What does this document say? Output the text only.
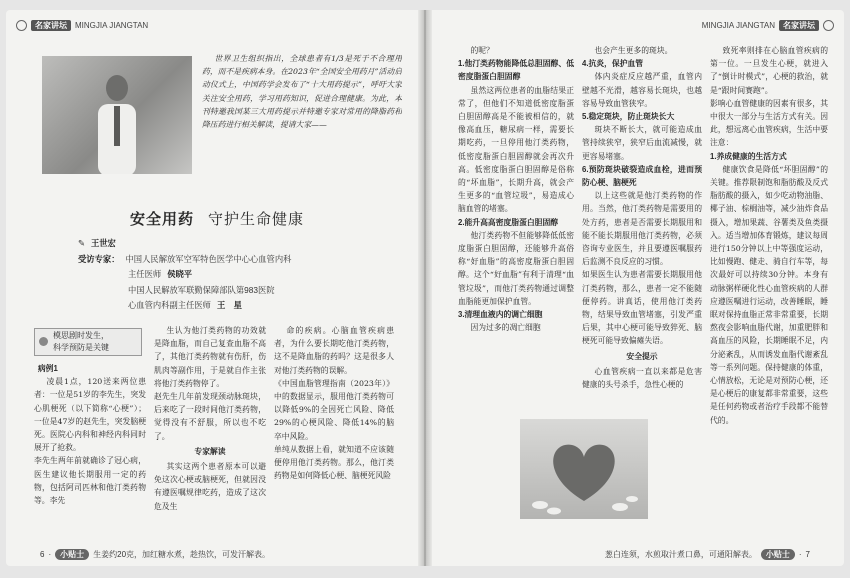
名家讲坛	MINGJIA JIANGTAN

世界卫生组织指出，全球患者有1/3是死于不合理用药，而不是疾病本身。在2023年“全国安全用药月”活动启动仪式上，中国药学会发布了“十大用药提示”，呼吁大家关注安全用药，学习用药知识，促进合理健康。为此，本刊特邀我国某三大用药提示并特邀专家对常用的降脂药和降压药进行相关解读，提请大家——

安全用药 守护生命健康
✎ 王世宏
受访专家： 中国人民解放军空军特色医学中心心血管内科
主任医师 侯晓平
中国人民解放军联勤保障部队第983医院
心血管内科副主任医师 王　星
模思剧时发生，
科学预防是关键

病例1

凌晨1点，120送来两位患者：一位是51岁的李先生，突发心肌梗死（以下简称“心梗”）；一位是47岁的赵先生，突发脑梗死。医院心内科和神经内科同时展开了抢救。
李先生两年前就确诊了冠心病，医生建议他长期服用一定的药物，包括阿司匹林和他汀类药物等。李先

生认为他汀类药物的功效就是降血脂，而自己复查血脂不高了，其他汀类药物就有伤肝，伤肌肉等副作用，于是就自作主张将他汀类药物停了。
赵先生几年前发现颈动脉斑块，后来吃了一段时间他汀类药物，觉得没有不舒服，所以也不吃了。

专家解读

其实这两个患者原本可以避免这次心梗或脑梗死，但就因没有遵医嘱规律吃药，造成了这次危及生

命的疾病。心脑血管疾病患者，为什么要长期吃他汀类药物，这不是降血脂的药吗？这是很多人对他汀类药物的误解。
《中国血脂管理指南（2023年）》中的数据显示，服用他汀类药物可以降低9%的全因死亡风险、降低29%的心梗风险、降低14%的脑卒中风险。
单纯从数据上看，就知道不应该随便停用他汀类药物。那么，他汀类药物是如何降低心梗、脑梗死风险

6 ·	小贴士	生姜约20克，加红糖水煮，趁热饮，可发汗解表。
MINGJIA JIANGTAN	名家讲坛

的呢？

1.他汀类药物能降低总胆固醇、低密度脂蛋白胆固醇

虽然这两位患者的血脂结果正常了，但他们不知道低密度脂蛋白胆固醇高是不能被相信的，就像高血压，糖尿病一样，需要长期吃药，一旦停用他汀类药物，低密度脂蛋白胆固醇就会再次升高。低密度脂蛋白胆固醇是俗称的“坏血脂”，长期升高，就会产生更多的“血管垃圾”，易造成心脑血管的堵塞。

2.能升高高密度脂蛋白胆固醇

他汀类药物不但能够降低低密度脂蛋白胆固醇，还能够升高俗称“好血脂”的高密度脂蛋白胆固醇。这个“好血脂”有利于清理“血管垃圾”，而他汀类药物通过调整血脂能更加保护血管。

3.清理血液内的调亡细胞

因为过多的凋亡细胞

也会产生更多的斑块。

4.抗炎，保护血管

体内炎症反应越严重，血管内壁越不光滑，越容易长斑块，也越容易导致血管狭窄。

5.稳定斑块，防止斑块长大

斑块不断长大，就可能造成血管持续狭窄，狭窄后血流减慢，就更容易堵塞。

6.预防斑块破裂造成血栓，进而预防心梗、脑梗死

以上这些就是他汀类药物的作用。当然，他汀类药物是需要用的处方药，患者是否需要长期服用和能不能长期服用他汀类药物，必须咨询专业医生，并且要遵医嘱服药后监测不良反应的习惯。
如果医生认为患者需要长期服用他汀类药物，那么，患者一定不能随便停药。讲真话，使用他汀类药物，结果导致血管堵塞，引发严重后果，其中心梗可能导致猝死、脑梗死可能导致偏瘫失语。

安全提示

心血管疾病一直以来都是危害健康的头号杀手，急性心梗的

致死率则排在心脑血管疾病的第一位。一旦发生心梗，就进入了“倒计时模式”，心梗的救治，就是“跟时间赛跑”。
影响心血管健康的因素有很多，其中很大一部分与生活方式有关。因此，想远离心血管疾病，生活中要注意：

1.养成健康的生活方式

健康饮食是降低“坏胆固醇”的关键。推荐限制饱和脂肪酸及反式脂肪酸的摄入，如少吃动物油脂、椰子油、棕榈油等，减少油炸食品摄入，增加果蔬、谷薯类及鱼类摄入。适当增加体育锻炼，建议每周进行150分钟以上中等强度运动，比如慢跑、健走、骑自行车等，每次最好可以持续30分钟。本身有动脉粥样硬化性心血管疾病的人群应遵医嘱进行运动，改善睡眠，睡眠对保持血脂正常非常重要，长期熬夜会影响血脂代谢，加重肥胖和高血压的风险，长期睡眠不足，内分泌紊乱，从而诱发血脂代谢紊乱等一系列问题。保持健康的体重，心情放松，无论是对预防心梗，还是心梗后的康复都非常重要，这些是任何药物或者治疗手段都不能替代的。

葱白连须，水煎取汁煮口鼻，可通阳解表。	小贴士	· 7
